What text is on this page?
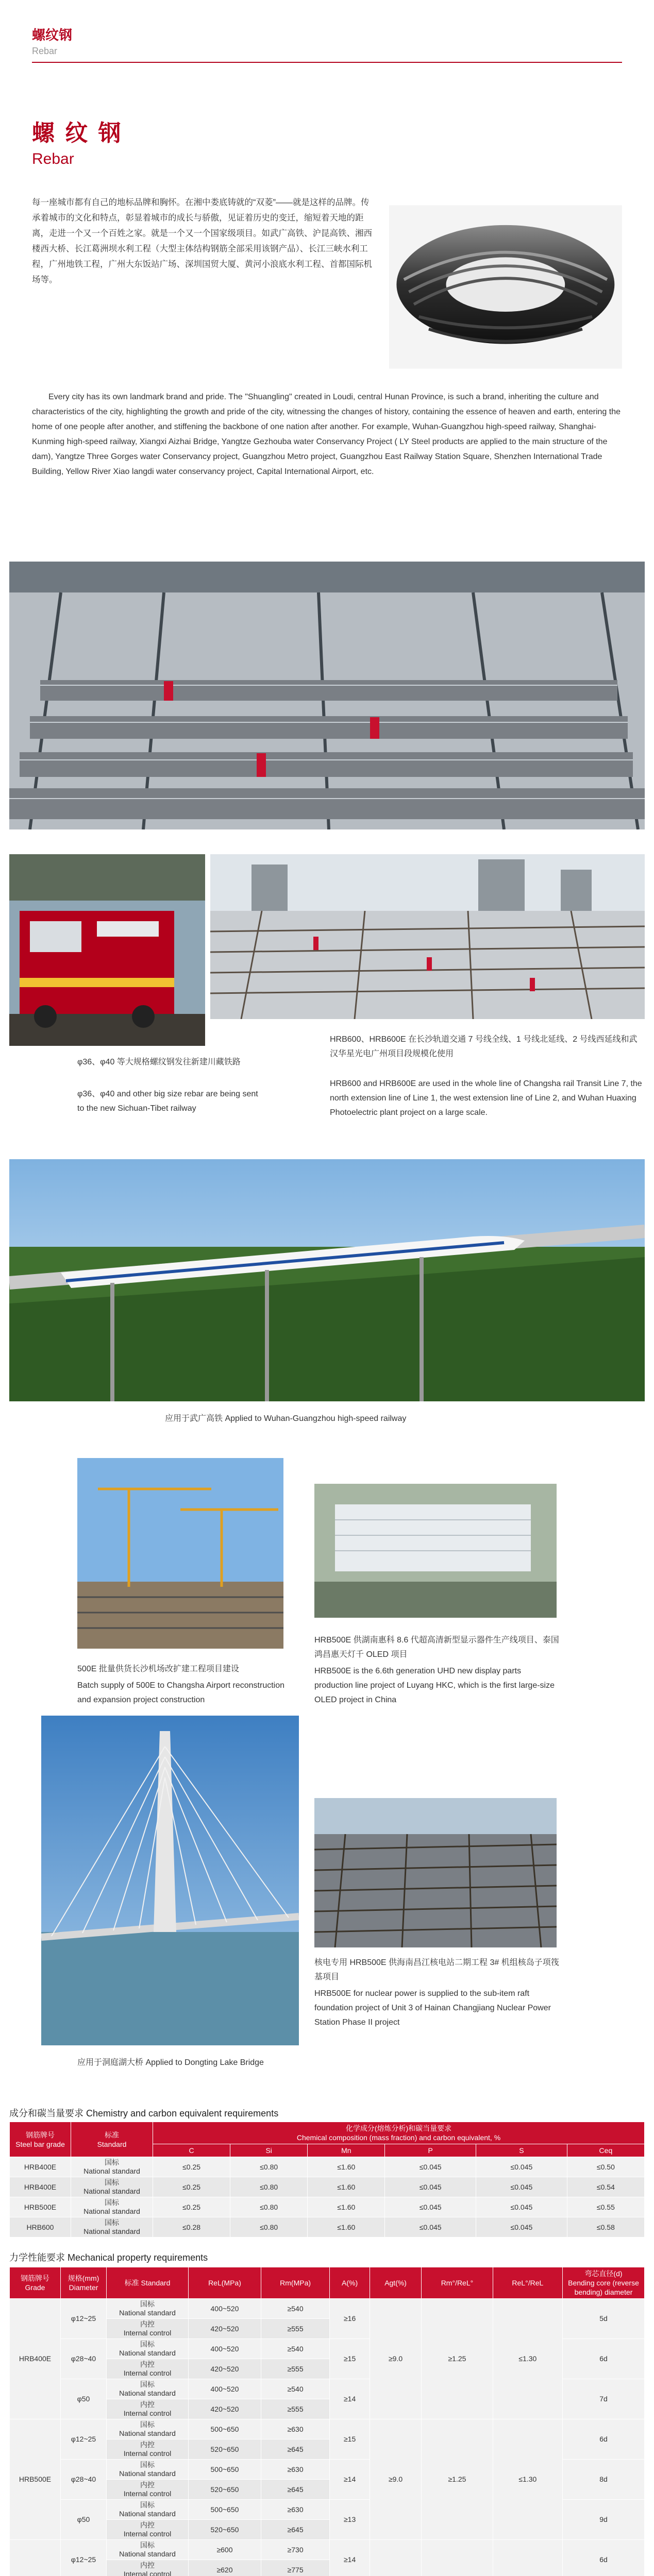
螺纹钢
Rebar
螺 纹 钢
Rebar
每一座城市都有自己的地标品牌和胸怀。在湘中娄底铸就的“双菱”——就是这样的品牌。传承着城市的文化和特点，彰显着城市的成长与骄傲，见证着历史的变迁，缩短着天地的距离，走进一个又一个百姓之家。就是一个又一个国家级项目。如武广高铁、沪昆高铁、湘西楼西大桥、长江葛洲坝水利工程（大型主体结构钢筋全部采用该钢产品）、长江三峡水利工程，广州地铁工程，广州大东饭站广场、深圳国贸大厦、黄河小浪底水利工程、首都国际机场等。
Every city has its own landmark brand and pride. The "Shuangling" created in Loudi, central Hunan Province, is such a brand, inheriting the culture and characteristics of the city, highlighting the growth and pride of the city, witnessing the changes of history, containing the essence of heaven and earth, entering the home of one people after another, and stiffening the backbone of one nation after another. For example, Wuhan-Guangzhou high-speed railway, Shanghai-Kunming high-speed railway, Xiangxi Aizhai Bridge, Yangtze Gezhouba water Conservancy Project ( LY Steel products are applied to the main structure of the dam), Yangtze Three Gorges water Conservancy project, Guangzhou Metro project, Guangzhou East Railway Station Square, Shenzhen International Trade Building, Yellow River Xiao langdi water conservancy project, Capital International Airport, etc.
HRB600、HRB600E 在长沙轨道交通 7 号线全线、1 号线北延线、2 号线西延线和武汉华星光电广州项目段规模化使用
HRB600 and HRB600E are used in the whole line of Changsha rail Transit Line 7, the north extension line of Line 1, the west extension line of Line 2, and Wuhan Huaxing Photoelectric plant project on a large scale.
φ36、φ40 等大规格螺纹钢发往新建川藏铁路
φ36、φ40 and other big size rebar are being sent to the new Sichuan-Tibet railway
应用于武广高铁 Applied to Wuhan-Guangzhou high-speed railway
500E 批量供货长沙机场改扩建工程项目建设
Batch supply of 500E to Changsha Airport reconstruction and expansion project construction
HRB500E 供湖南惠科 8.6 代超高清新型显示器件生产线项目、泰国鸿昌惠天灯千 OLED 项目
HRB500E is the 6.6th generation UHD new display parts production line project of Luyang HKC, which is the first large-size OLED project in China
应用于洞庭湖大桥 Applied to Dongting Lake Bridge
核电专用 HRB500E 供海南昌江核电站二期工程 3# 机组核岛子项筏基项目
HRB500E for nuclear power is supplied to the sub-item raft foundation project of Unit 3 of Hainan Changjiang Nuclear Power Station Phase II project
成分和碳当量要求 Chemistry and carbon equivalent requirements
钢筋牌号
Steel bar grade	标准
Standard	化学成分(熔炼分析)和碳当量要求
Chemical composition (mass fraction) and carbon equivalent, %					
		C	Si	Mn	P	S	Ceq
HRB400E	国标
National standard	≤0.25	≤0.80	≤1.60	≤0.045	≤0.045	≤0.50
HRB400E	国标
National standard	≤0.25	≤0.80	≤1.60	≤0.045	≤0.045	≤0.54
HRB500E	国标
National standard	≤0.25	≤0.80	≤1.60	≤0.045	≤0.045	≤0.55
HRB600	国标
National standard	≤0.28	≤0.80	≤1.60	≤0.045	≤0.045	≤0.58
力学性能要求 Mechanical property requirements
钢筋牌号 Grade	规格(mm) Diameter	标准 Standard	ReL(MPa)	Rm(MPa)	A(%)	Agt(%)	Rm°/ReL°	ReL°/ReL	弯芯直径(d)
Bending core (reverse bending) diameter
HRB400E	φ12~25	国标
National standard	400~520	≥540	≥16	≥9.0	≥1.25	≤1.30	5d
		内控
Internal control	420~520	≥555					
	φ28~40	国标
National standard	400~520	≥540	≥15				6d
		内控
Internal control	420~520	≥555					
	φ50	国标
National standard	400~520	≥540	≥14				7d
		内控
Internal control	420~520	≥555					
HRB500E	φ12~25	国标
National standard	500~650	≥630	≥15	≥9.0	≥1.25	≤1.30	6d
		内控
Internal control	520~650	≥645					
	φ28~40	国标
National standard	500~650	≥630	≥14				8d
		内控
Internal control	520~650	≥645					
	φ50	国标
National standard	500~650	≥630	≥13				9d
		内控
Internal control	520~650	≥645					
	φ12~25	国标
National standard	≥600	≥730	≥14				6d
		内控
Internal control	≥620	≥775					
